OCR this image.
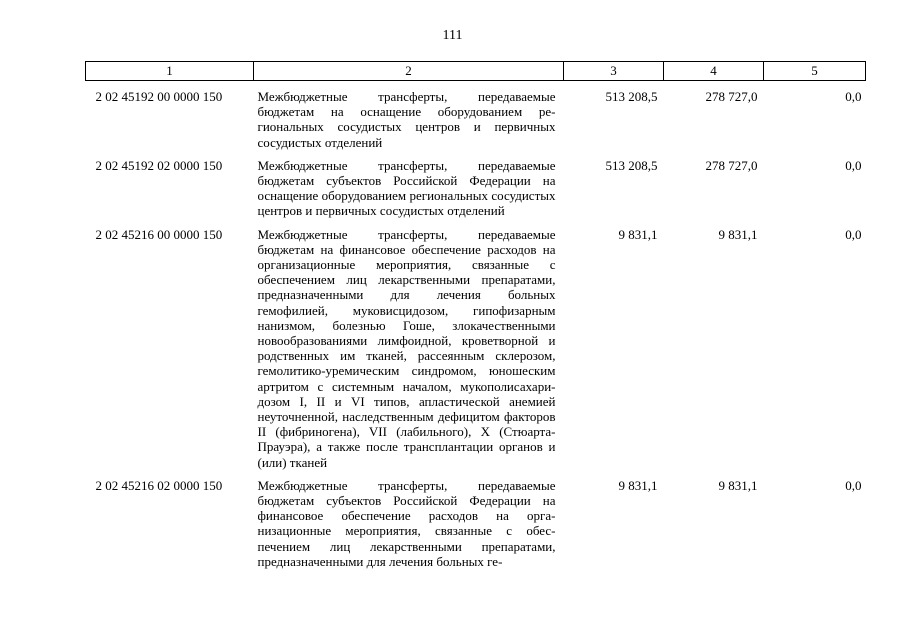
111
1	2	3	4	5
2 02 45192 00 0000 150	Межбюджетные трансферты, передаваемые бюджетам на оснащение оборудованием региональных сосудистых центров и первичных сосудистых отделений	513 208,5	278 727,0	0,0
2 02 45192 02 0000 150	Межбюджетные трансферты, передаваемые бюджетам субъектов Российской Федерации на оснащение оборудованием региональных сосудистых центров и первичных сосудистых отделений	513 208,5	278 727,0	0,0
2 02 45216 00 0000 150	Межбюджетные трансферты, передаваемые бюджетам на финансовое обеспечение расходов на организационные мероприятия, связанные с обеспечением лиц лекарственными препаратами, предназначенными для лечения больных гемофилией, муковисцидозом, гипофизарным нанизмом, болезнью Гоше, злокачественными новообразованиями лимфоидной, кроветворной и родственных им тканей, рассеянным склерозом, гемолитико-уремическим синдромом, юношеским артритом с системным началом, мукополисахаридозом I, II и VI типов, апластической анемией неуточненной, наследственным дефицитом факторов II (фибриногена), VII (лабильного), X (Стюарта-Прауэра), а также после трансплантации органов и (или) тканей	9 831,1	9 831,1	0,0
2 02 45216 02 0000 150	Межбюджетные трансферты, передаваемые бюджетам субъектов Российской Федерации на финансовое обеспечение расходов на организационные мероприятия, связанные с обеспечением лиц лекарственными препаратами, предназначенными для лечения больных ге-	9 831,1	9 831,1	0,0
